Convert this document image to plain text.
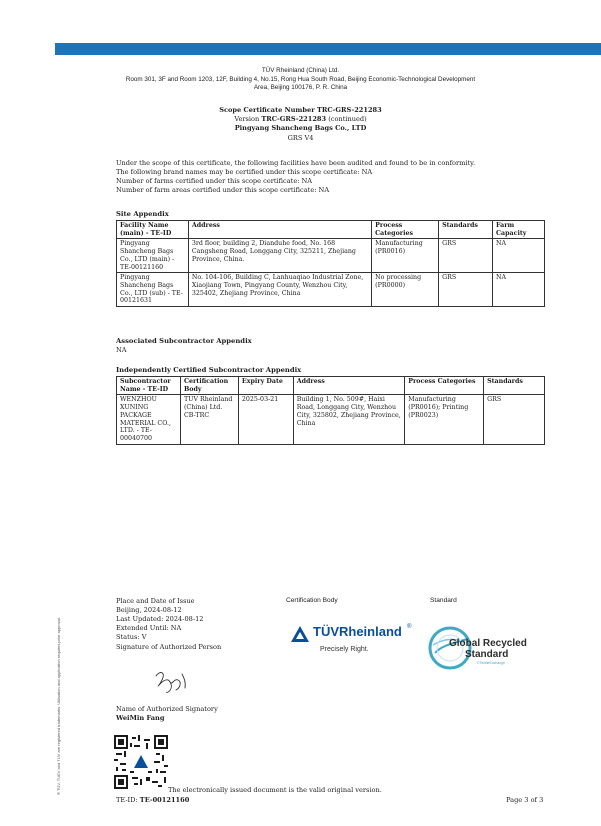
TÜV Rheinland (China) Ltd.
Room 301, 3F and Room 1203, 12F, Building 4, No.15, Rong Hua South Road, Beijing Economic-Technological Development
Area, Beijing 100176, P. R. China
Scope Certificate Number TRC-GRS-221283
Version TRC-GRS-221283 (continued)
Pingyang Shancheng Bags Co., LTD
GRS V4
Under the scope of this certificate, the following facilities have been audited and found to be in conformity.
The following brand names may be certified under this scope certificate: NA
Number of farms certified under this scope certificate: NA
Number of farm areas certified under this scope certificate: NA
Site Appendix
Facility Name (main) - TE-ID	Address	Process Categories	Standards	Farm Capacity
Pingyang Shancheng Bags Co., LTD (main) - TE-00121160	3rd floor, building 2, Dianduhe food, No. 168 Cangsheng Road, Longgang City, 325211, Zhejiang Province, China.	Manufacturing (PR0016)	GRS	NA
Pingyang Shancheng Bags Co., LTD (sub) - TE-00121631	No. 104-106, Building C, Lanhuaqiao Industrial Zone, Xiaojiang Town, Pingyang County, Wenzhou City, 325402, Zhejiang Province, China	No processing (PR0000)	GRS	NA
Associated Subcontractor Appendix
NA
Independently Certified Subcontractor Appendix
Subcontractor Name - TE-ID	Certification Body	Expiry Date	Address	Process Categories	Standards
WENZHOU XUNING PACKAGE MATERIAL CO., LTD. - TE-00040700	TUV Rheinland (China) Ltd. CB-TRC	2025-03-21	Building 1, No. 509#, Haixi Road, Longgang City, Wenzhou City, 325802, Zhejiang Province, China	Manufacturing (PR0016); Printing (PR0023)	GRS
® TÜV, TUEV and TUV are registered trademarks. Utilisation and application requires prior approval.
Place and Date of Issue
Beijing, 2024-08-12
Last Updated: 2024-08-12
Extended Until: NA
Status: V
Signature of Authorized Person
Certification Body	Standard
TÜVRheinland ®
Precisely Right.
Global Recycled
Standard
©TextileExchange
Name of Authorized Signatory
WeiMin Fang
The electronically issued document is the valid original version.
TE-ID: TE-00121160	Page 3 of 3
